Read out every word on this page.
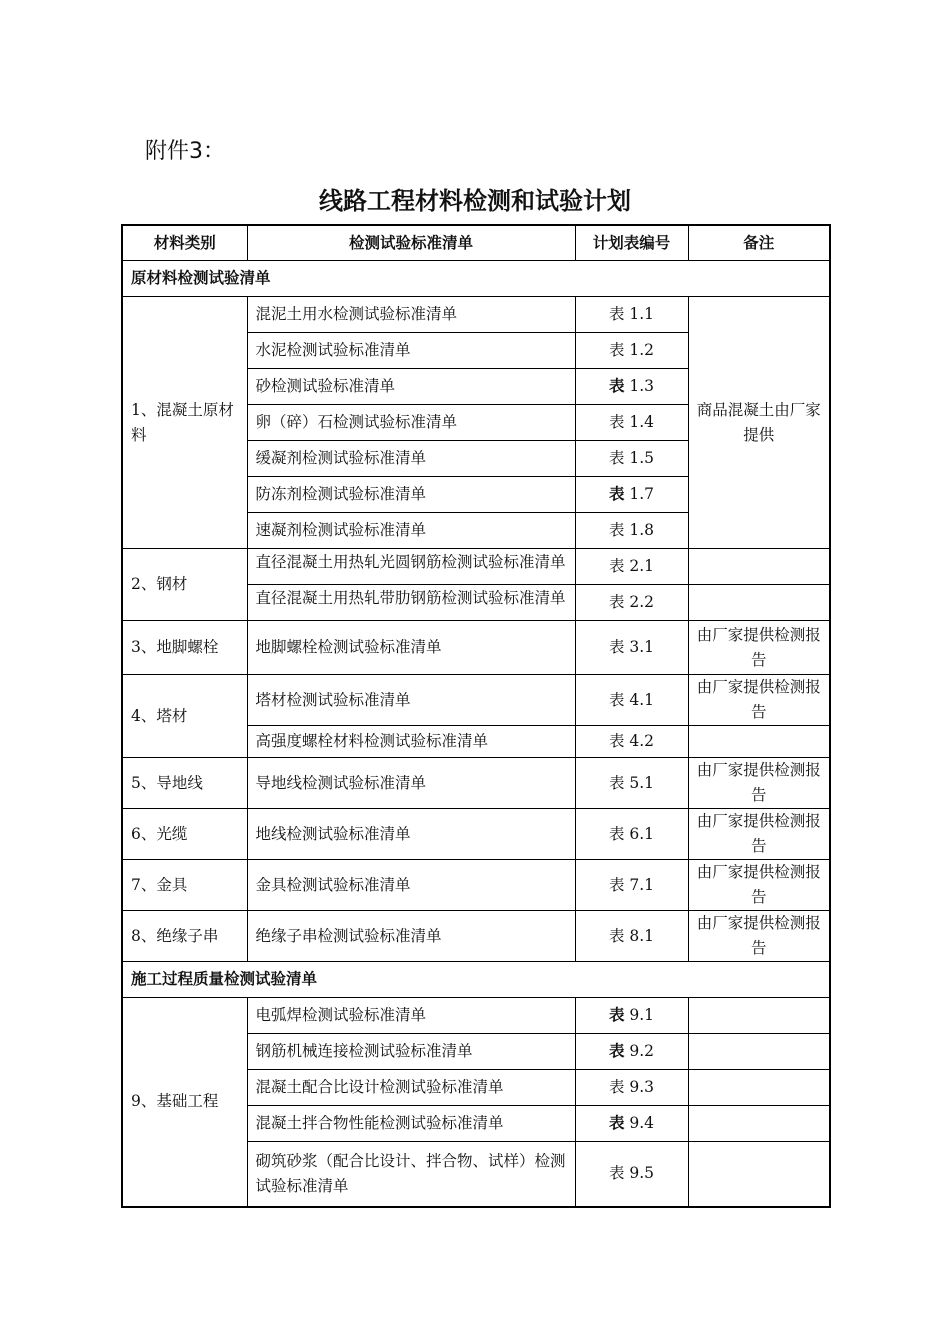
附件3：
线路工程材料检测和试验计划
材料类别	检测试验标准清单	计划表编号	备注
原材料检测试验清单			
1、混凝土原材料	混泥土用水检测试验标准清单	表 1.1	商品混凝土由厂家提供
	水泥检测试验标准清单	表 1.2	
	砂检测试验标准清单	表 1.3	
	卵（碎）石检测试验标准清单	表 1.4	
	缓凝剂检测试验标准清单	表 1.5	
	防冻剂检测试验标准清单	表 1.7	
	速凝剂检测试验标准清单	表 1.8	
2、钢材	直径混凝土用热轧光圆钢筋检测试验标准清单	表 2.1	

	直径混凝土用热轧带肋钢筋检测试验标准清单	表 2.2	
3、地脚螺栓	地脚螺栓检测试验标准清单	表 3.1	由厂家提供检测报告
4、塔材	塔材检测试验标准清单	表 4.1	由厂家提供检测报告
	高强度螺栓材料检测试验标准清单	表 4.2	
5、导地线	导地线检测试验标准清单	表 5.1	由厂家提供检测报告
6、光缆	地线检测试验标准清单	表 6.1	由厂家提供检测报告
7、金具	金具检测试验标准清单	表 7.1	由厂家提供检测报告
8、绝缘子串	绝缘子串检测试验标准清单	表 8.1	由厂家提供检测报告
施工过程质量检测试验清单			
9、基础工程	电弧焊检测试验标准清单	表 9.1	
	钢筋机械连接检测试验标准清单	表 9.2	
	混凝土配合比设计检测试验标准清单	表 9.3	
	混凝土拌合物性能检测试验标准清单	表 9.4	
	砌筑砂浆（配合比设计、拌合物、试样）检测试验标准清单	表 9.5	
